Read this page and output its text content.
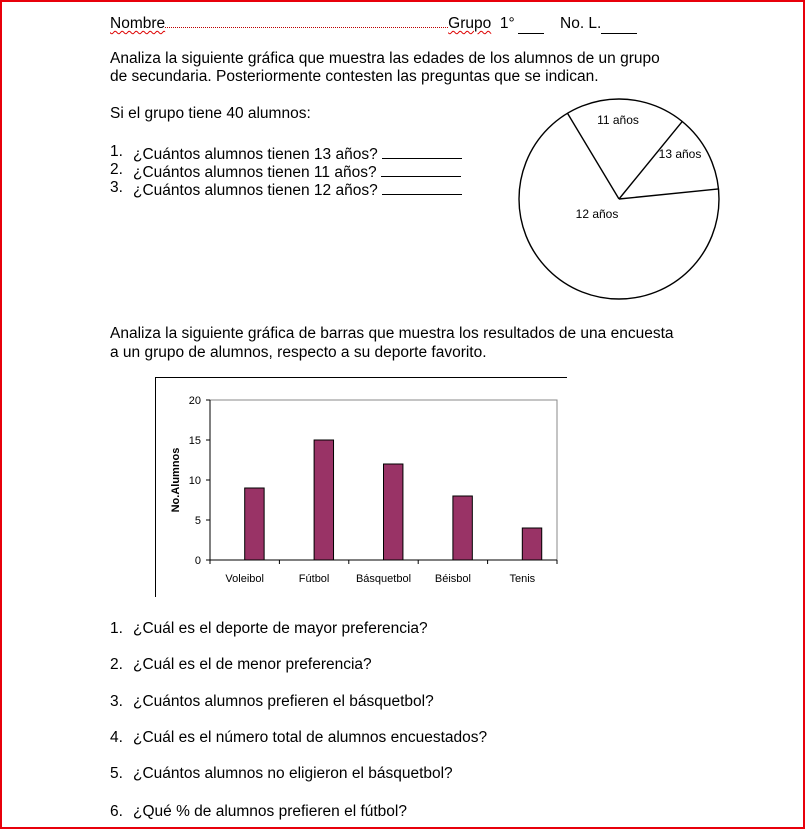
Nombre	Grupo 1°	No. L.
Analiza la siguiente gráfica que muestra las edades de los alumnos de un grupo
de secundaria. Posteriormente contesten las preguntas que se indican.
Si el grupo tiene 40 alumnos:
1. ¿Cuántos alumnos tienen 13 años?
2. ¿Cuántos alumnos tienen 11 años?
3. ¿Cuántos alumnos tienen 12 años?
11 años
13 años
12 años
Analiza la siguiente gráfica de barras que muestra los resultados de una encuesta
a un grupo de alumnos, respecto a su deporte favorito.
0
5
10
15
20
Voleibol	Fútbol Básquetbol Béisbol	Tenis
No.Alumnos
1. ¿Cuál es el deporte de mayor preferencia?
2. ¿Cuál es el de menor preferencia?
3. ¿Cuántos alumnos prefieren el básquetbol?
4. ¿Cuál es el número total de alumnos encuestados?
5. ¿Cuántos alumnos no eligieron el básquetbol?
6. ¿Qué % de alumnos prefieren el fútbol?
